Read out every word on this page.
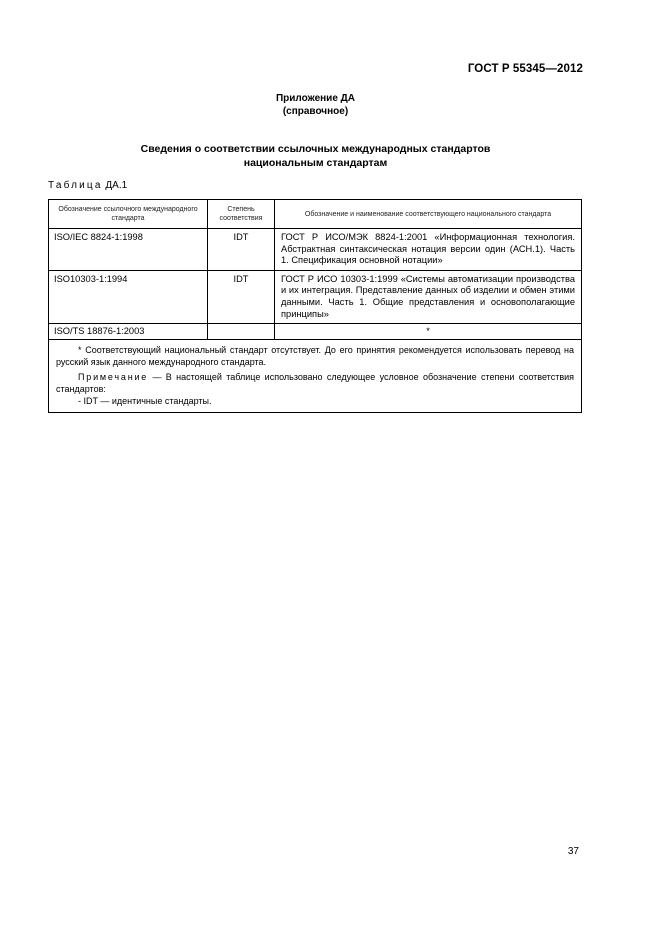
ГОСТ Р 55345—2012
Приложение ДА
(справочное)
Сведения о соответствии ссылочных международных стандартов
национальным стандартам
Таблица ДА.1
Обозначение ссылочного международного стандарта	Степень соответствия	Обозначение и наименование соответствующего национального стандарта
ISO/IEC 8824-1:1998	IDT	ГОСТ Р ИСО/МЭК 8824-1:2001 «Информационная технология. Абстрактная синтаксическая нотация версии один (АСН.1). Часть 1. Спецификация основной нотации»
ISO10303-1:1994	IDT	ГОСТ Р ИСО 10303-1:1999 «Системы автоматизации производства и их интеграция. Представление данных об изделии и обмен этими данными. Часть 1. Общие представления и основополагающие принципы»
ISO/TS 18876-1:2003		*

* Соответствующий национальный стандарт отсутствует. До его принятия рекомендуется использовать перевод на русский язык данного международного стандарта.

Примечание — В настоящей таблице использовано следующее условное обозначение степени соответствия стандартов:

- IDT — идентичные стандарты.		

37
